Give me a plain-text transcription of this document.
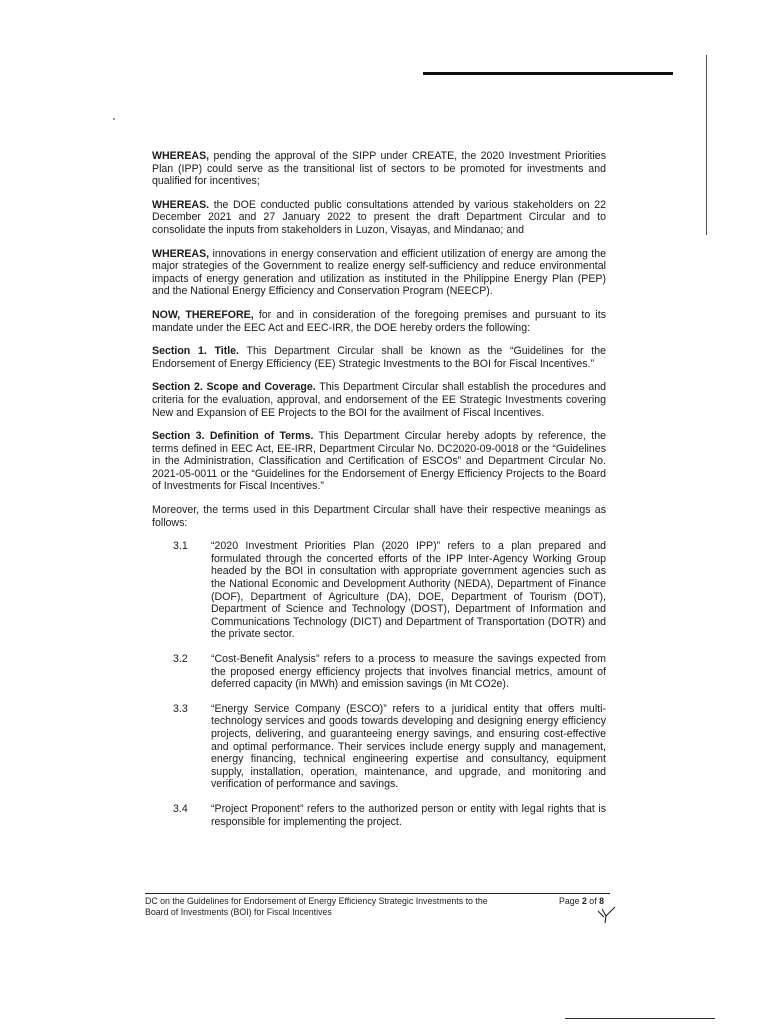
WHEREAS, pending the approval of the SIPP under CREATE, the 2020 Investment Priorities Plan (IPP) could serve as the transitional list of sectors to be promoted for investments and qualified for incentives;

WHEREAS. the DOE conducted public consultations attended by various stakeholders on 22 December 2021 and 27 January 2022 to present the draft Department Circular and to consolidate the inputs from stakeholders in Luzon, Visayas, and Mindanao; and

WHEREAS, innovations in energy conservation and efficient utilization of energy are among the major strategies of the Government to realize energy self-sufficiency and reduce environmental impacts of energy generation and utilization as instituted in the Philippine Energy Plan (PEP) and the National Energy Efficiency and Conservation Program (NEECP).

NOW, THEREFORE, for and in consideration of the foregoing premises and pursuant to its mandate under the EEC Act and EEC-IRR, the DOE hereby orders the following:

Section 1. Title. This Department Circular shall be known as the “Guidelines for the Endorsement of Energy Efficiency (EE) Strategic Investments to the BOI for Fiscal Incentives.”

Section 2. Scope and Coverage. This Department Circular shall establish the procedures and criteria for the evaluation, approval, and endorsement of the EE Strategic Investments covering New and Expansion of EE Projects to the BOI for the availment of Fiscal Incentives.

Section 3. Definition of Terms. This Department Circular hereby adopts by reference, the terms defined in EEC Act, EE-IRR, Department Circular No. DC2020-09-0018 or the “Guidelines in the Administration, Classification and Certification of ESCOs” and Department Circular No. 2021-05-0011 or the “Guidelines for the Endorsement of Energy Efficiency Projects to the Board of Investments for Fiscal Incentives.”

Moreover, the terms used in this Department Circular shall have their respective meanings as follows:

3.1 “2020 Investment Priorities Plan (2020 IPP)” refers to a plan prepared and formulated through the concerted efforts of the IPP Inter-Agency Working Group headed by the BOI in consultation with appropriate government agencies such as the National Economic and Development Authority (NEDA), Department of Finance (DOF), Department of Agriculture (DA), DOE, Department of Tourism (DOT), Department of Science and Technology (DOST), Department of Information and Communications Technology (DICT) and Department of Transportation (DOTR) and the private sector.
3.2 “Cost-Benefit Analysis” refers to a process to measure the savings expected from the proposed energy efficiency projects that involves financial metrics, amount of deferred capacity (in MWh) and emission savings (in Mt CO2e).
3.3 “Energy Service Company (ESCO)” refers to a juridical entity that offers multi-technology services and goods towards developing and designing energy efficiency projects, delivering, and guaranteeing energy savings, and ensuring cost-effective and optimal performance. Their services include energy supply and management, energy financing, technical engineering expertise and consultancy, equipment supply, installation, operation, maintenance, and upgrade, and monitoring and verification of performance and savings.
3.4 “Project Proponent” refers to the authorized person or entity with legal rights that is responsible for implementing the project.
DC on the Guidelines for Endorsement of Energy Efficiency Strategic Investments to the
Board of Investments (BOI) for Fiscal Incentives
Page 2 of 8
